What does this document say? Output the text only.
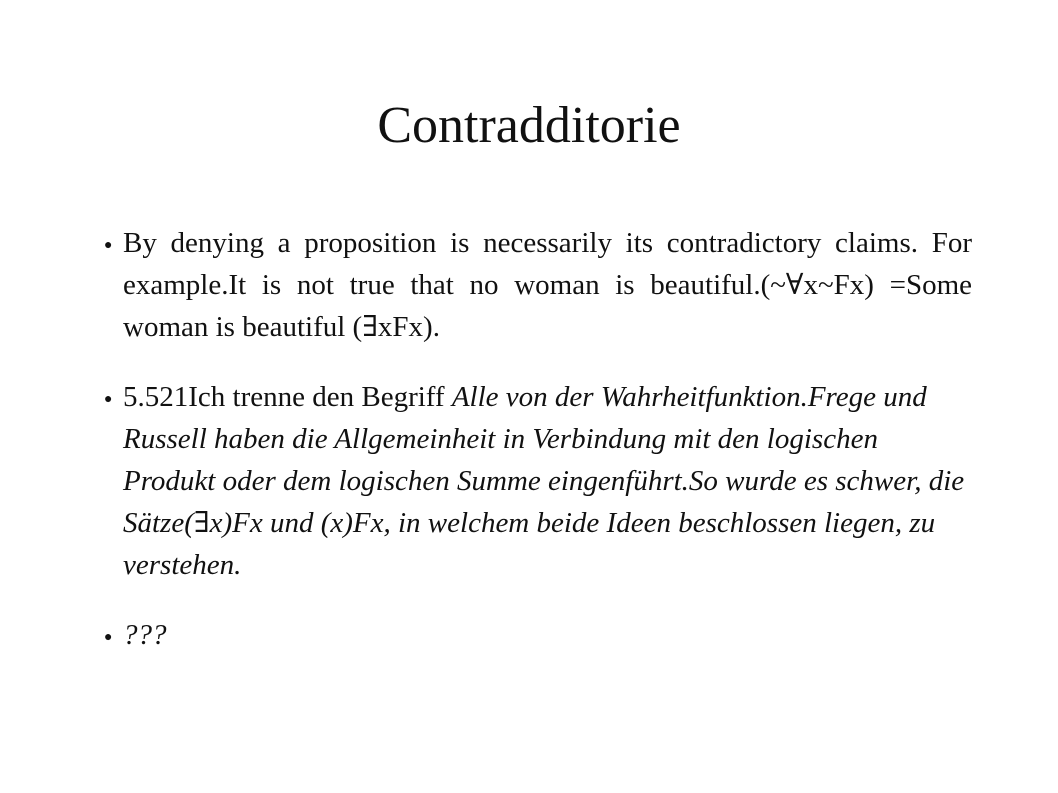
Contradditorie
● By denying a proposition is necessarily its contradictory claims. For example.It is not true that no woman is beautiful.(~∀x~Fx) =Some woman is beautiful (∃xFx).
● 5.521Ich trenne den Begriff Alle von der Wahrheitfunktion.Frege und Russell haben die Allgemeinheit in Verbindung mit den logischen Produkt oder dem logischen Summe eingenführt.So wurde es schwer, die Sätze(∃x)Fx und (x)Fx, in welchem beide Ideen beschlossen liegen, zu verstehen.
● ???
